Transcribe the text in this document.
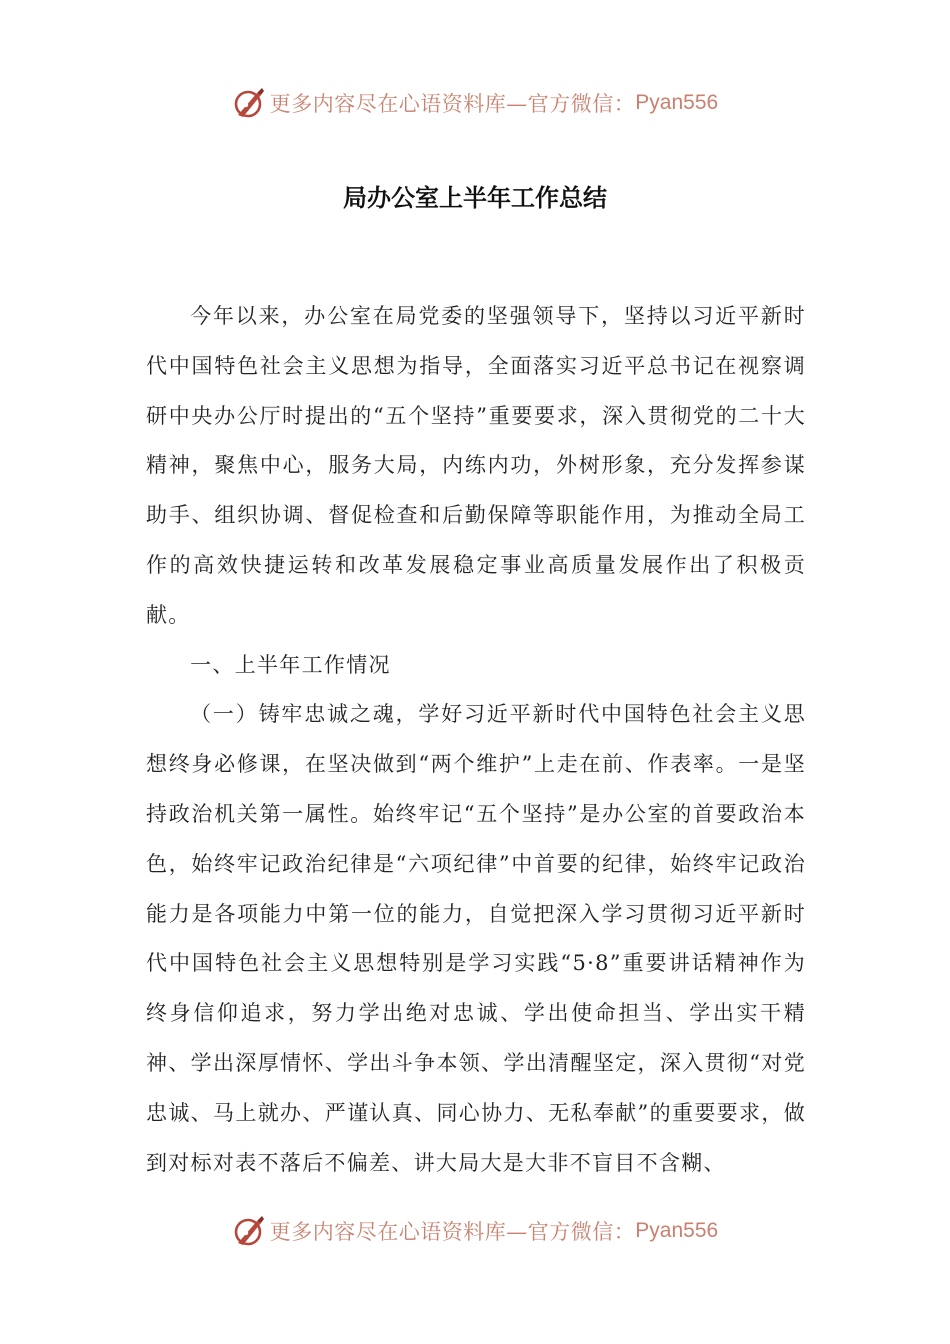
更多内容尽在心语资料库—官方微信： Pyan556
局办公室上半年工作总结

今年以来，办公室在局党委的坚强领导下，坚持以习近平新时代中国特色社会主义思想为指导，全面落实习近平总书记在视察调研中央办公厅时提出的“五个坚持”重要要求，深入贯彻党的二十大精神，聚焦中心，服务大局，内练内功，外树形象，充分发挥参谋助手、组织协调、督促检查和后勤保障等职能作用，为推动全局工作的高效快捷运转和改革发展稳定事业高质量发展作出了积极贡献。

一、上半年工作情况

（一）铸牢忠诚之魂，学好习近平新时代中国特色社会主义思想终身必修课，在坚决做到“两个维护”上走在前、作表率。一是坚持政治机关第一属性。始终牢记“五个坚持”是办公室的首要政治本色，始终牢记政治纪律是“六项纪律”中首要的纪律，始终牢记政治能力是各项能力中第一位的能力，自觉把深入学习贯彻习近平新时代中国特色社会主义思想特别是学习实践“5·8”重要讲话精神作为终身信仰追求，努力学出绝对忠诚、学出使命担当、学出实干精神、学出深厚情怀、学出斗争本领、学出清醒坚定，深入贯彻“对党忠诚、马上就办、严谨认真、同心协力、无私奉献”的重要要求，做到对标对表不落后不偏差、讲大局大是大非不盲目不含糊、

更多内容尽在心语资料库—官方微信： Pyan556
